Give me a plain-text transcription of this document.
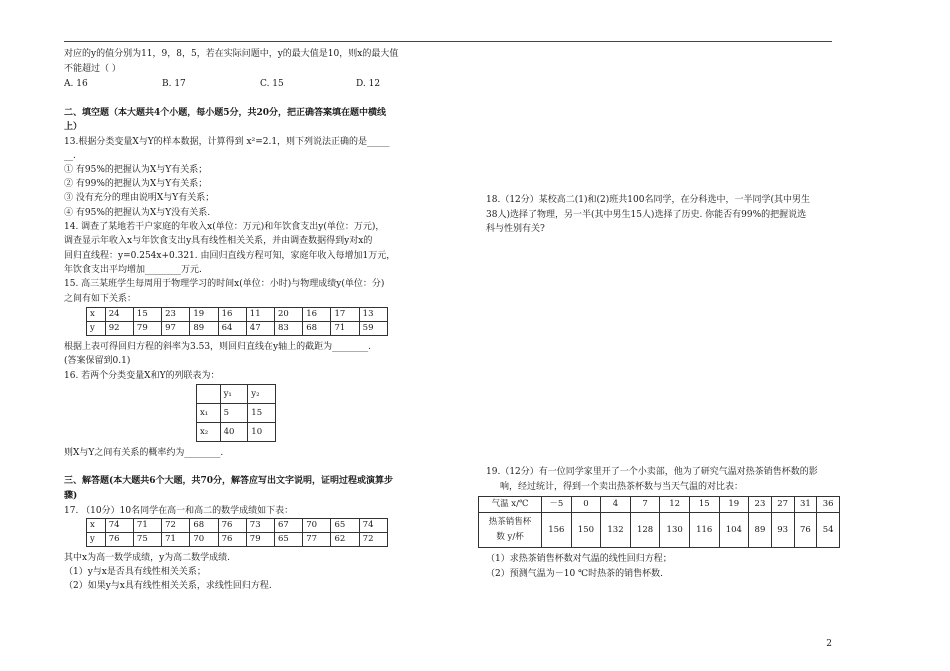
对应的y的值分别为11，9，8，5，若在实际问题中，y的最大值是10，则x的最大值
不能超过（ ）
A. 16	B. 17	C. 15	D. 12
二、填空题（本大题共4个小题，每小题5分，共20分，把正确答案填在题中横线
上）
13.根据分类变量X与Y的样本数据，计算得到 x²=2.1，则下列说法正确的是_____
__.
① 有95%的把握认为X与Y有关系；
② 有99%的把握认为X与Y有关系；
③ 没有充分的理由说明X与Y有关系；
④ 有95%的把握认为X与Y没有关系.
14. 调查了某地若干户家庭的年收入x(单位：万元)和年饮食支出y(单位：万元)，
调查显示年收入x与年饮食支出y具有线性相关关系，并由调查数据得到y对x的
回归直线程：y=0.254x+0.321. 由回归直线方程可知，家庭年收入每增加1万元，
年饮食支出平均增加________万元.
15. 高三某班学生每周用于物理学习的时间x(单位：小时)与物理成绩y(单位：分)
之间有如下关系：
x	24	15	23	19	16	11	20	16	17	13
y	92	79	97	89	64	47	83	68	71	59
根据上表可得回归方程的斜率为3.53，则回归直线在y轴上的截距为________.
(答案保留到0.1)
16. 若两个分类变量X和Y的列联表为：
	y₁	y₂
x₁	5	15
x₂	40	10
则X与Y之间有关系的概率约为________.
三、解答题(本大题共6个大题，共70分，解答应写出文字说明，证明过程或演算步
骤)
17. （10分）10名同学在高一和高二的数学成绩如下表：
x	74	71	72	68	76	73	67	70	65	74
y	76	75	71	70	76	79	65	77	62	72
其中x为高一数学成绩，y为高二数学成绩.
（1）y与x是否具有线性相关关系；
（2）如果y与x具有线性相关关系，求线性回归方程.
18.（12分）某校高二(1)和(2)班共100名同学，在分科选中，一半同学(其中男生
38人)选择了物理，另一半(其中男生15人)选择了历史. 你能否有99%的把握说选
科与性别有关?
19.（12分）有一位同学家里开了一个小卖部，他为了研究气温对热茶销售杯数的影
响，经过统计，得到一个卖出热茶杯数与当天气温的对比表：
气温 x/℃	－5	0	4	7	12	15	19	23	27	31	36

热茶销售杯
数 y/杯	156	150	132	128	130	116	104	89	93	76	54
（1）求热茶销售杯数对气温的线性回归方程；
（2）预测气温为－10 ℃时热茶的销售杯数.
2
